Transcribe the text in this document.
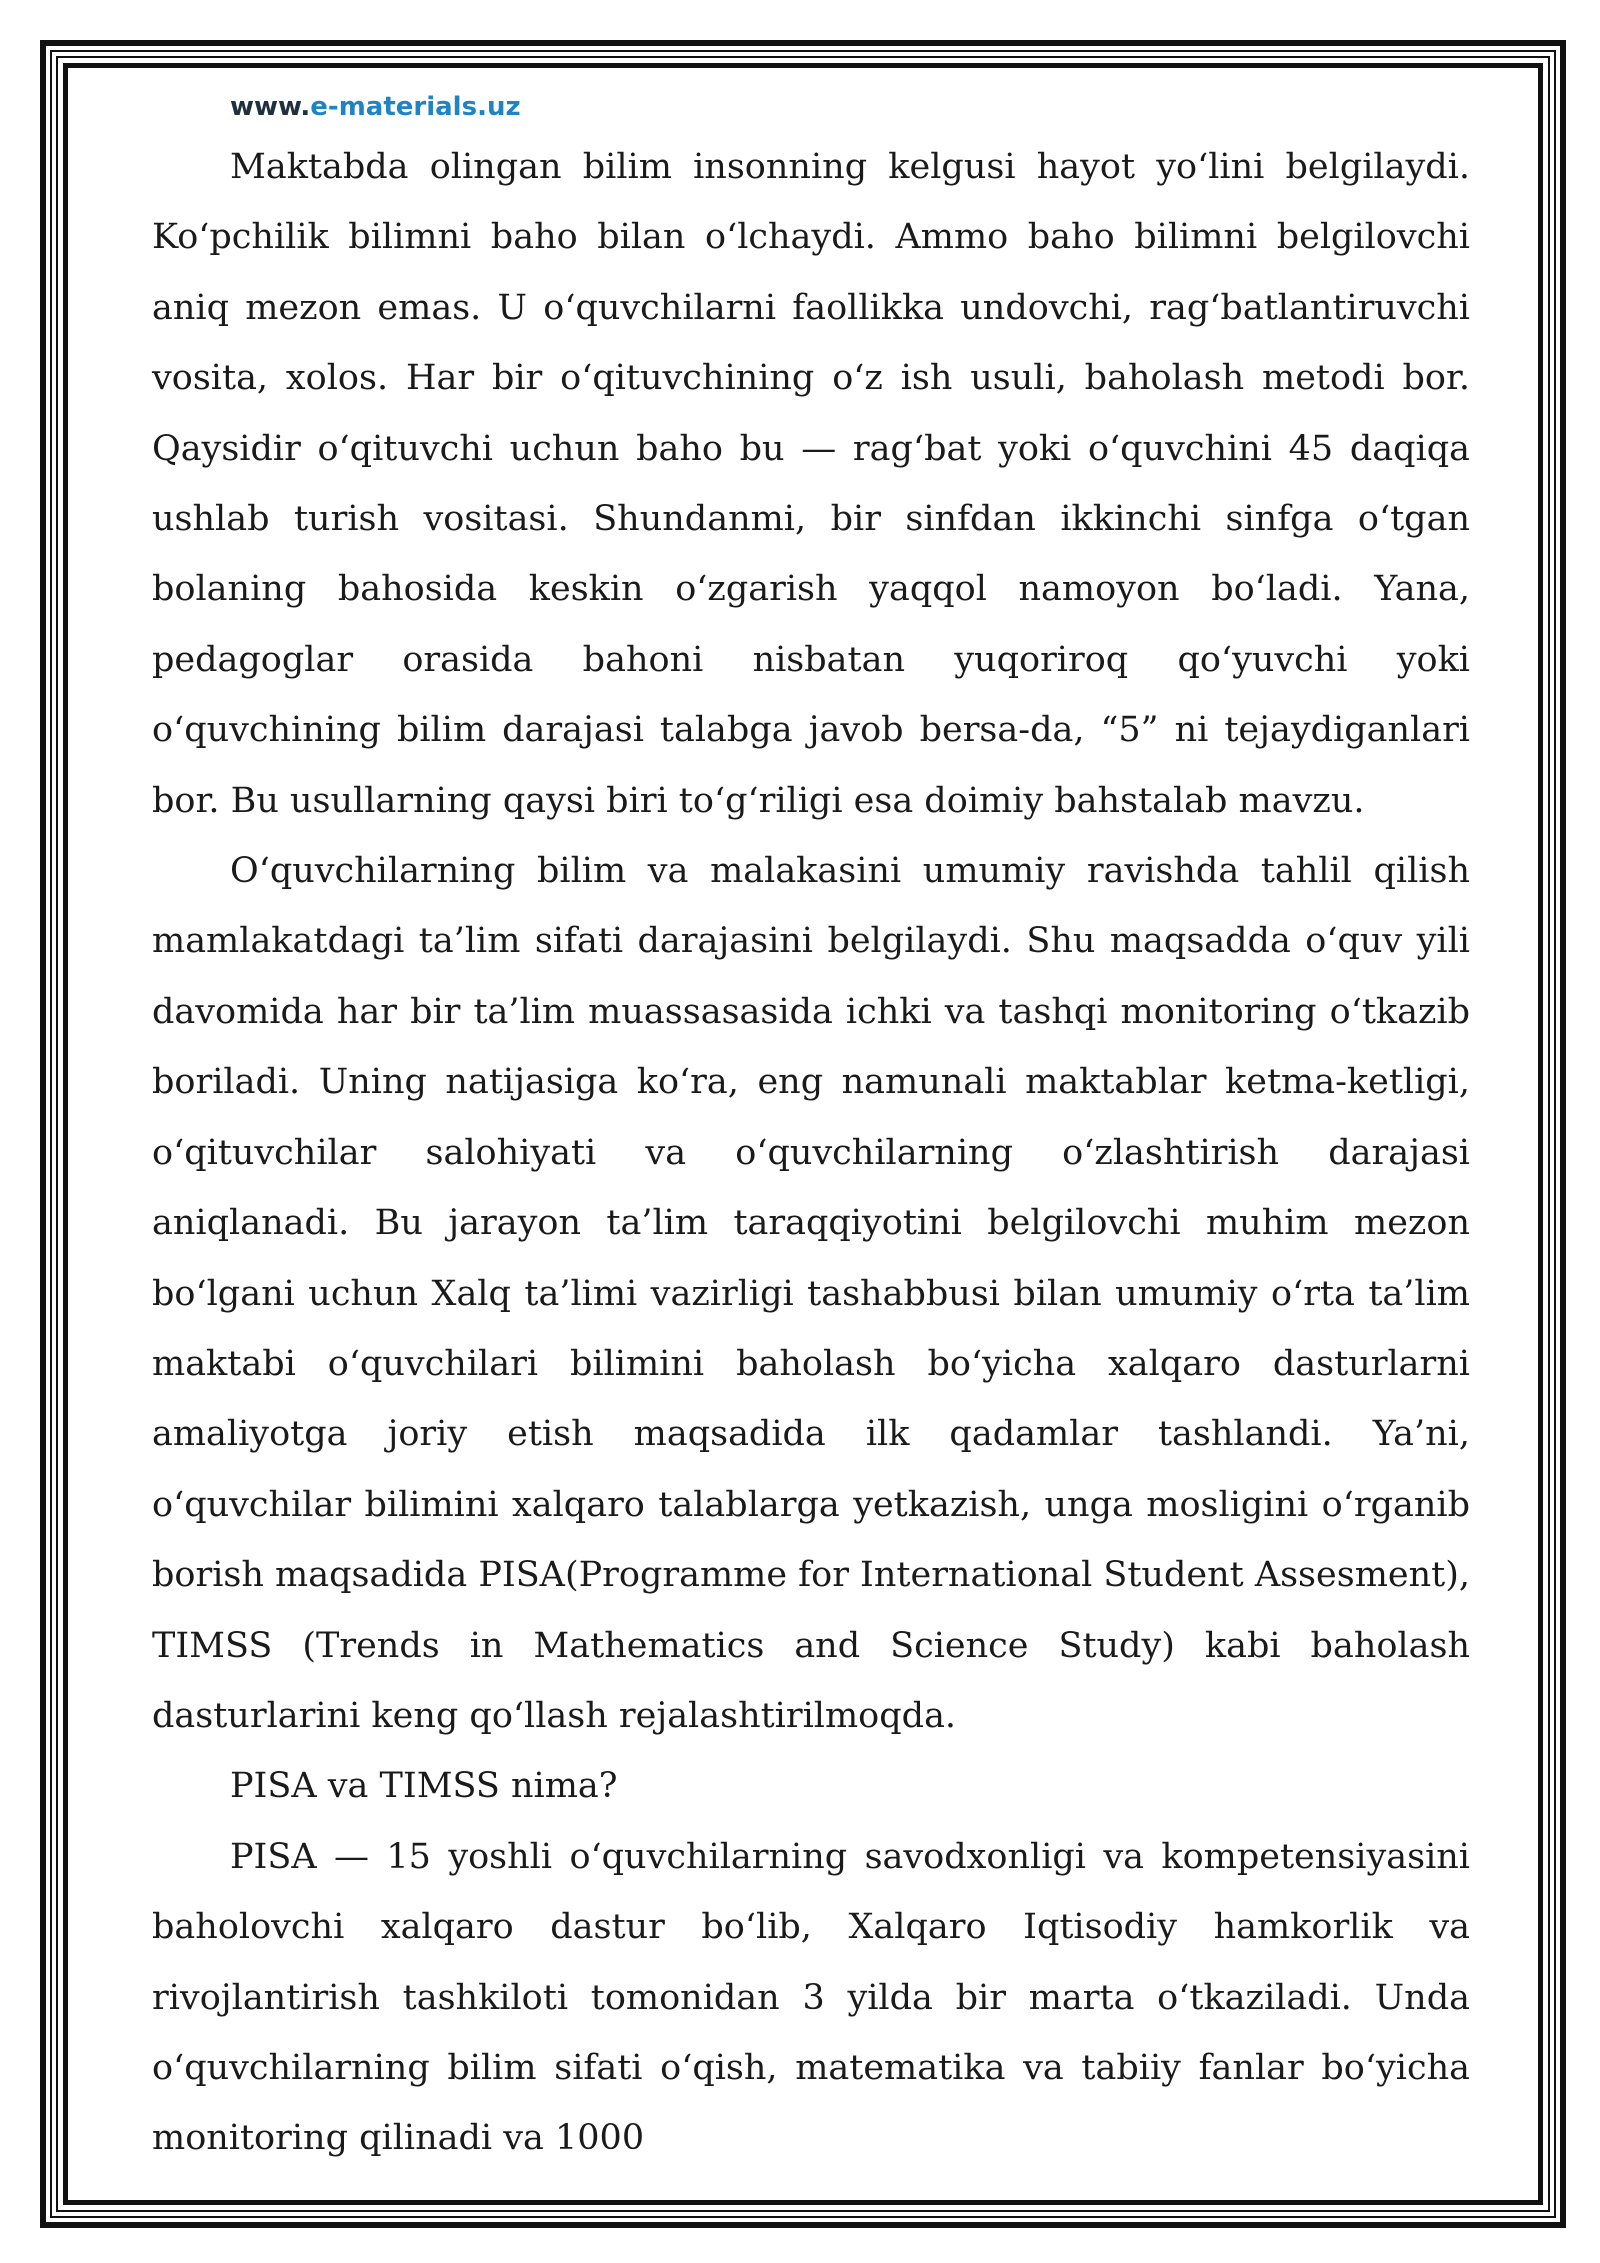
www.e-materials.uz

Maktabda olingan bilim insonning kelgusi hayot yo‘lini belgilaydi. Ko‘pchilik bilimni baho bilan o‘lchaydi. Ammo baho bilimni belgilovchi aniq mezon emas. U o‘quvchilarni faollikka undovchi, rag‘batlantiruvchi vosita, xolos. Har bir o‘qituvchining o‘z ish usuli, baholash metodi bor. Qaysidir o‘qituvchi uchun baho bu — rag‘bat yoki o‘quvchini 45 daqiqa ushlab turish vositasi. Shundanmi, bir sinfdan ikkinchi sinfga o‘tgan bolaning bahosida keskin o‘zgarish yaqqol namoyon bo‘ladi. Yana, pedagoglar orasida bahoni nisbatan yuqoriroq qo‘yuvchi yoki o‘quvchining bilim darajasi talabga javob bersa-da, “5” ni tejaydiganlari bor. Bu usullarning qaysi biri to‘g‘riligi esa doimiy bahstalab mavzu.

O‘quvchilarning bilim va malakasini umumiy ravishda tahlil qilish mamlakatdagi ta’lim sifati darajasini belgilaydi. Shu maqsadda o‘quv yili davomida har bir ta’lim muassasasida ichki va tashqi monitoring o‘tkazib boriladi. Uning natijasiga ko‘ra, eng namunali maktablar ketma-ketligi, o‘qituvchilar salohiyati va o‘quvchilarning o‘zlashtirish darajasi aniqlanadi. Bu jarayon ta’lim taraqqiyotini belgilovchi muhim mezon bo‘lgani uchun Xalq ta’limi vazirligi tashabbusi bilan umumiy o‘rta ta’lim maktabi o‘quvchilari bilimini baholash bo‘yicha xalqaro dasturlarni amaliyotga joriy etish maqsadida ilk qadamlar tashlandi. Ya’ni, o‘quvchilar bilimini xalqaro talablarga yetkazish, unga mosligini o‘rganib borish maqsadida PISA(Programme for International Student Assesment), TIMSS (Trends in Mathematics and Science Study) kabi baholash dasturlarini keng qo‘llash rejalashtirilmoqda.

PISA va TIMSS nima?

PISA — 15 yoshli o‘quvchilarning savodxonligi va kompetensiyasini baholovchi xalqaro dastur bo‘lib, Xalqaro Iqtisodiy hamkorlik va rivojlantirish tashkiloti tomonidan 3 yilda bir marta o‘tkaziladi. Unda o‘quvchilarning bilim sifati o‘qish, matematika va tabiiy fanlar bo‘yicha monitoring qilinadi va 1000
